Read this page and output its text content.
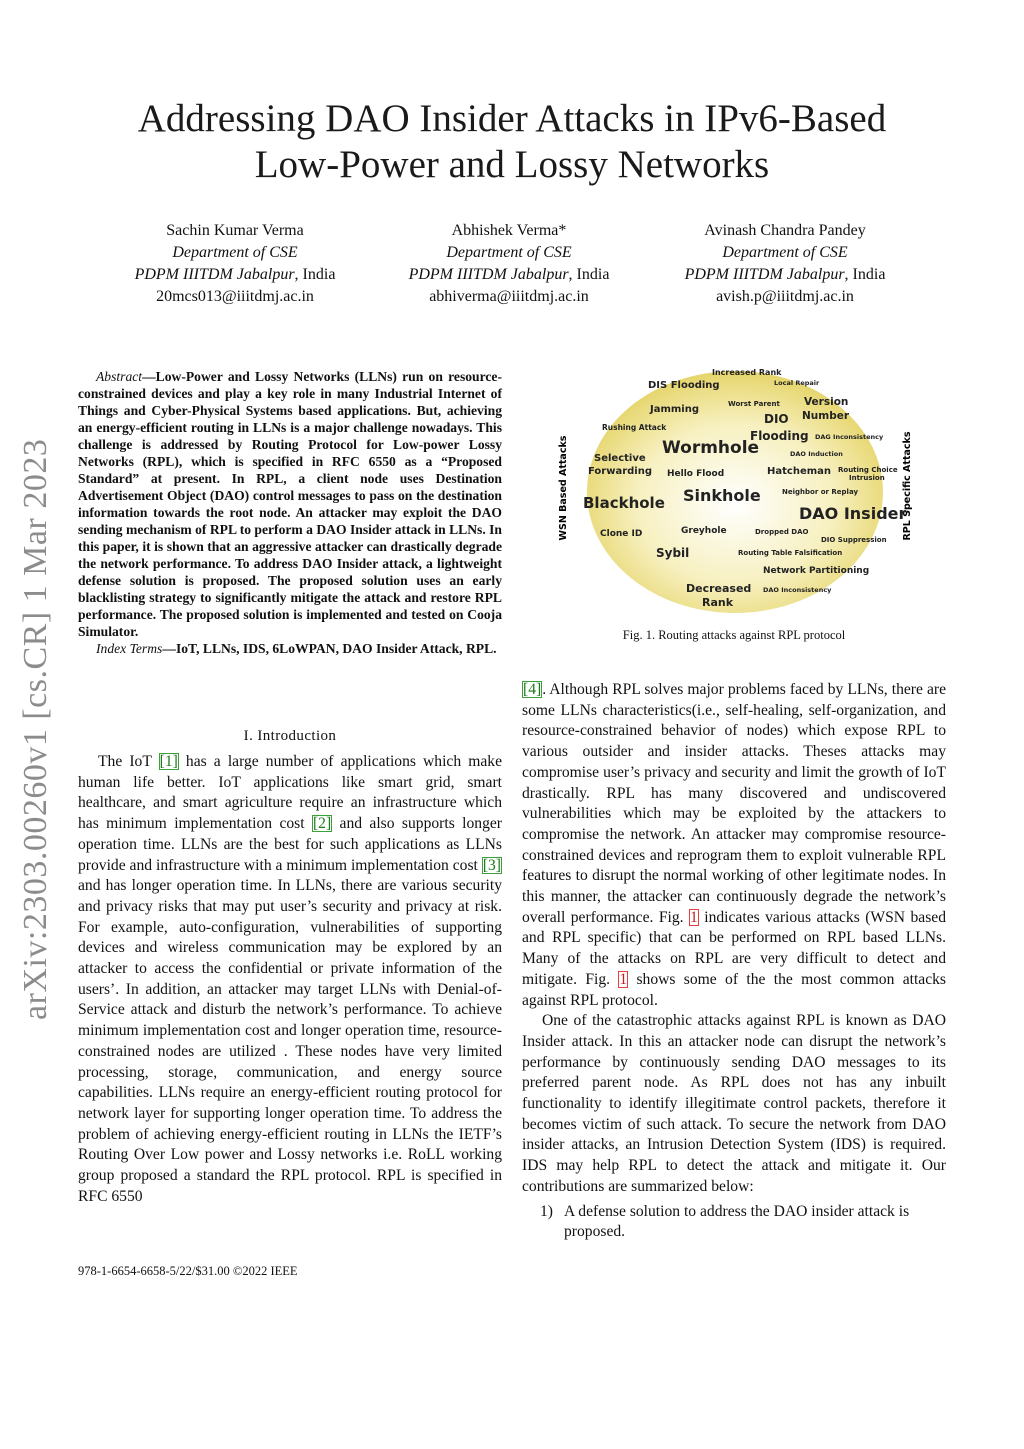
Addressing DAO Insider Attacks in IPv6-Based
Low-Power and Lossy Networks
Sachin Kumar Verma
Department of CSE
PDPM IIITDM Jabalpur, India
20mcs013@iiitdmj.ac.in
Abhishek Verma*
Department of CSE
PDPM IIITDM Jabalpur, India
abhiverma@iiitdmj.ac.in
Avinash Chandra Pandey
Department of CSE
PDPM IIITDM Jabalpur, India
avish.p@iiitdmj.ac.in
arXiv:2303.00260v1 [cs.CR] 1 Mar 2023

Abstract—Low-Power and Lossy Networks (LLNs) run on resource-constrained devices and play a key role in many Industrial Internet of Things and Cyber-Physical Systems based applications. But, achieving an energy-efficient routing in LLNs is a major challenge nowadays. This challenge is addressed by Routing Protocol for Low-power Lossy Networks (RPL), which is specified in RFC 6550 as a “Proposed Standard” at present. In RPL, a client node uses Destination Advertisement Object (DAO) control messages to pass on the destination information towards the root node. An attacker may exploit the DAO sending mechanism of RPL to perform a DAO Insider attack in LLNs. In this paper, it is shown that an aggressive attacker can drastically degrade the network performance. To address DAO Insider attack, a lightweight defense solution is proposed. The proposed solution uses an early blacklisting strategy to significantly mitigate the attack and restore RPL performance. The proposed solution is implemented and tested on Cooja Simulator.

Index Terms—IoT, LLNs, IDS, 6LoWPAN, DAO Insider Attack, RPL.

I. Introduction

The IoT [1] has a large number of applications which make human life better. IoT applications like smart grid, smart healthcare, and smart agriculture require an infrastructure which has minimum implementation cost [2] and also supports longer operation time. LLNs are the best for such applications as LLNs provide and infrastructure with a minimum implementation cost [3] and has longer operation time. In LLNs, there are various security and privacy risks that may put user’s security and privacy at risk. For example, auto-configuration, vulnerabilities of supporting devices and wireless communication may be explored by an attacker to access the confidential or private information of the users’. In addition, an attacker may target LLNs with Denial-of-Service attack and disturb the network’s performance. To achieve minimum implementation cost and longer operation time, resource-constrained nodes are utilized . These nodes have very limited processing, storage, communication, and energy source capabilities. LLNs require an energy-efficient routing protocol for network layer for supporting longer operation time. To address the problem of achieving energy-efficient routing in LLNs the IETF’s Routing Over Low power and Lossy networks i.e. RoLL working group proposed a standard the RPL protocol. RPL is specified in RFC 6550

978-1-6654-6658-5/22/$31.00 ©2022 IEEE
WSN Based Attacks	RPL Specific Attacks
Increased Rank
Local Repair
DIS Flooding
Jamming	Worst Parent Version
Number
DIO
Flooding
Rushing Attack
DAG Inconsistency
Wormhole	DAO Induction
Selective
Forwarding Hello Flood	Hatcheman Routing Choice
Intrusion
Neighbor or Replay
Blackhole Sinkhole
DAO Insider
Clone ID	Greyhole	Dropped DAO
DIO Suppression
Sybil	Routing Table Falsification
Network Partitioning
Decreased
Rank
DAO Inconsistency
Fig. 1. Routing attacks against RPL protocol

[4]. Although RPL solves major problems faced by LLNs, there are some LLNs characteristics(i.e., self-healing, self-organization, and resource-constrained behavior of nodes) which expose RPL to various outsider and insider attacks. Theses attacks may compromise user’s privacy and security and limit the growth of IoT drastically. RPL has many discovered and undiscovered vulnerabilities which may be exploited by the attackers to compromise the network. An attacker may compromise resource-constrained devices and reprogram them to exploit vulnerable RPL features to disrupt the normal working of other legitimate nodes. In this manner, the attacker can continuously degrade the network’s overall performance. Fig. 1 indicates various attacks (WSN based and RPL specific) that can be performed on RPL based LLNs. Many of the attacks on RPL are very difficult to detect and mitigate. Fig. 1 shows some of the the most common attacks against RPL protocol.

One of the catastrophic attacks against RPL is known as DAO Insider attack. In this an attacker node can disrupt the network’s performance by continuously sending DAO messages to its preferred parent node. As RPL does not has any inbuilt functionality to identify illegitimate control packets, therefore it becomes victim of such attack. To secure the network from DAO insider attacks, an Intrusion Detection System (IDS) is required. IDS may help RPL to detect the attack and mitigate it. Our contributions are summarized below:

1) A defense solution to address the DAO insider attack is proposed.
